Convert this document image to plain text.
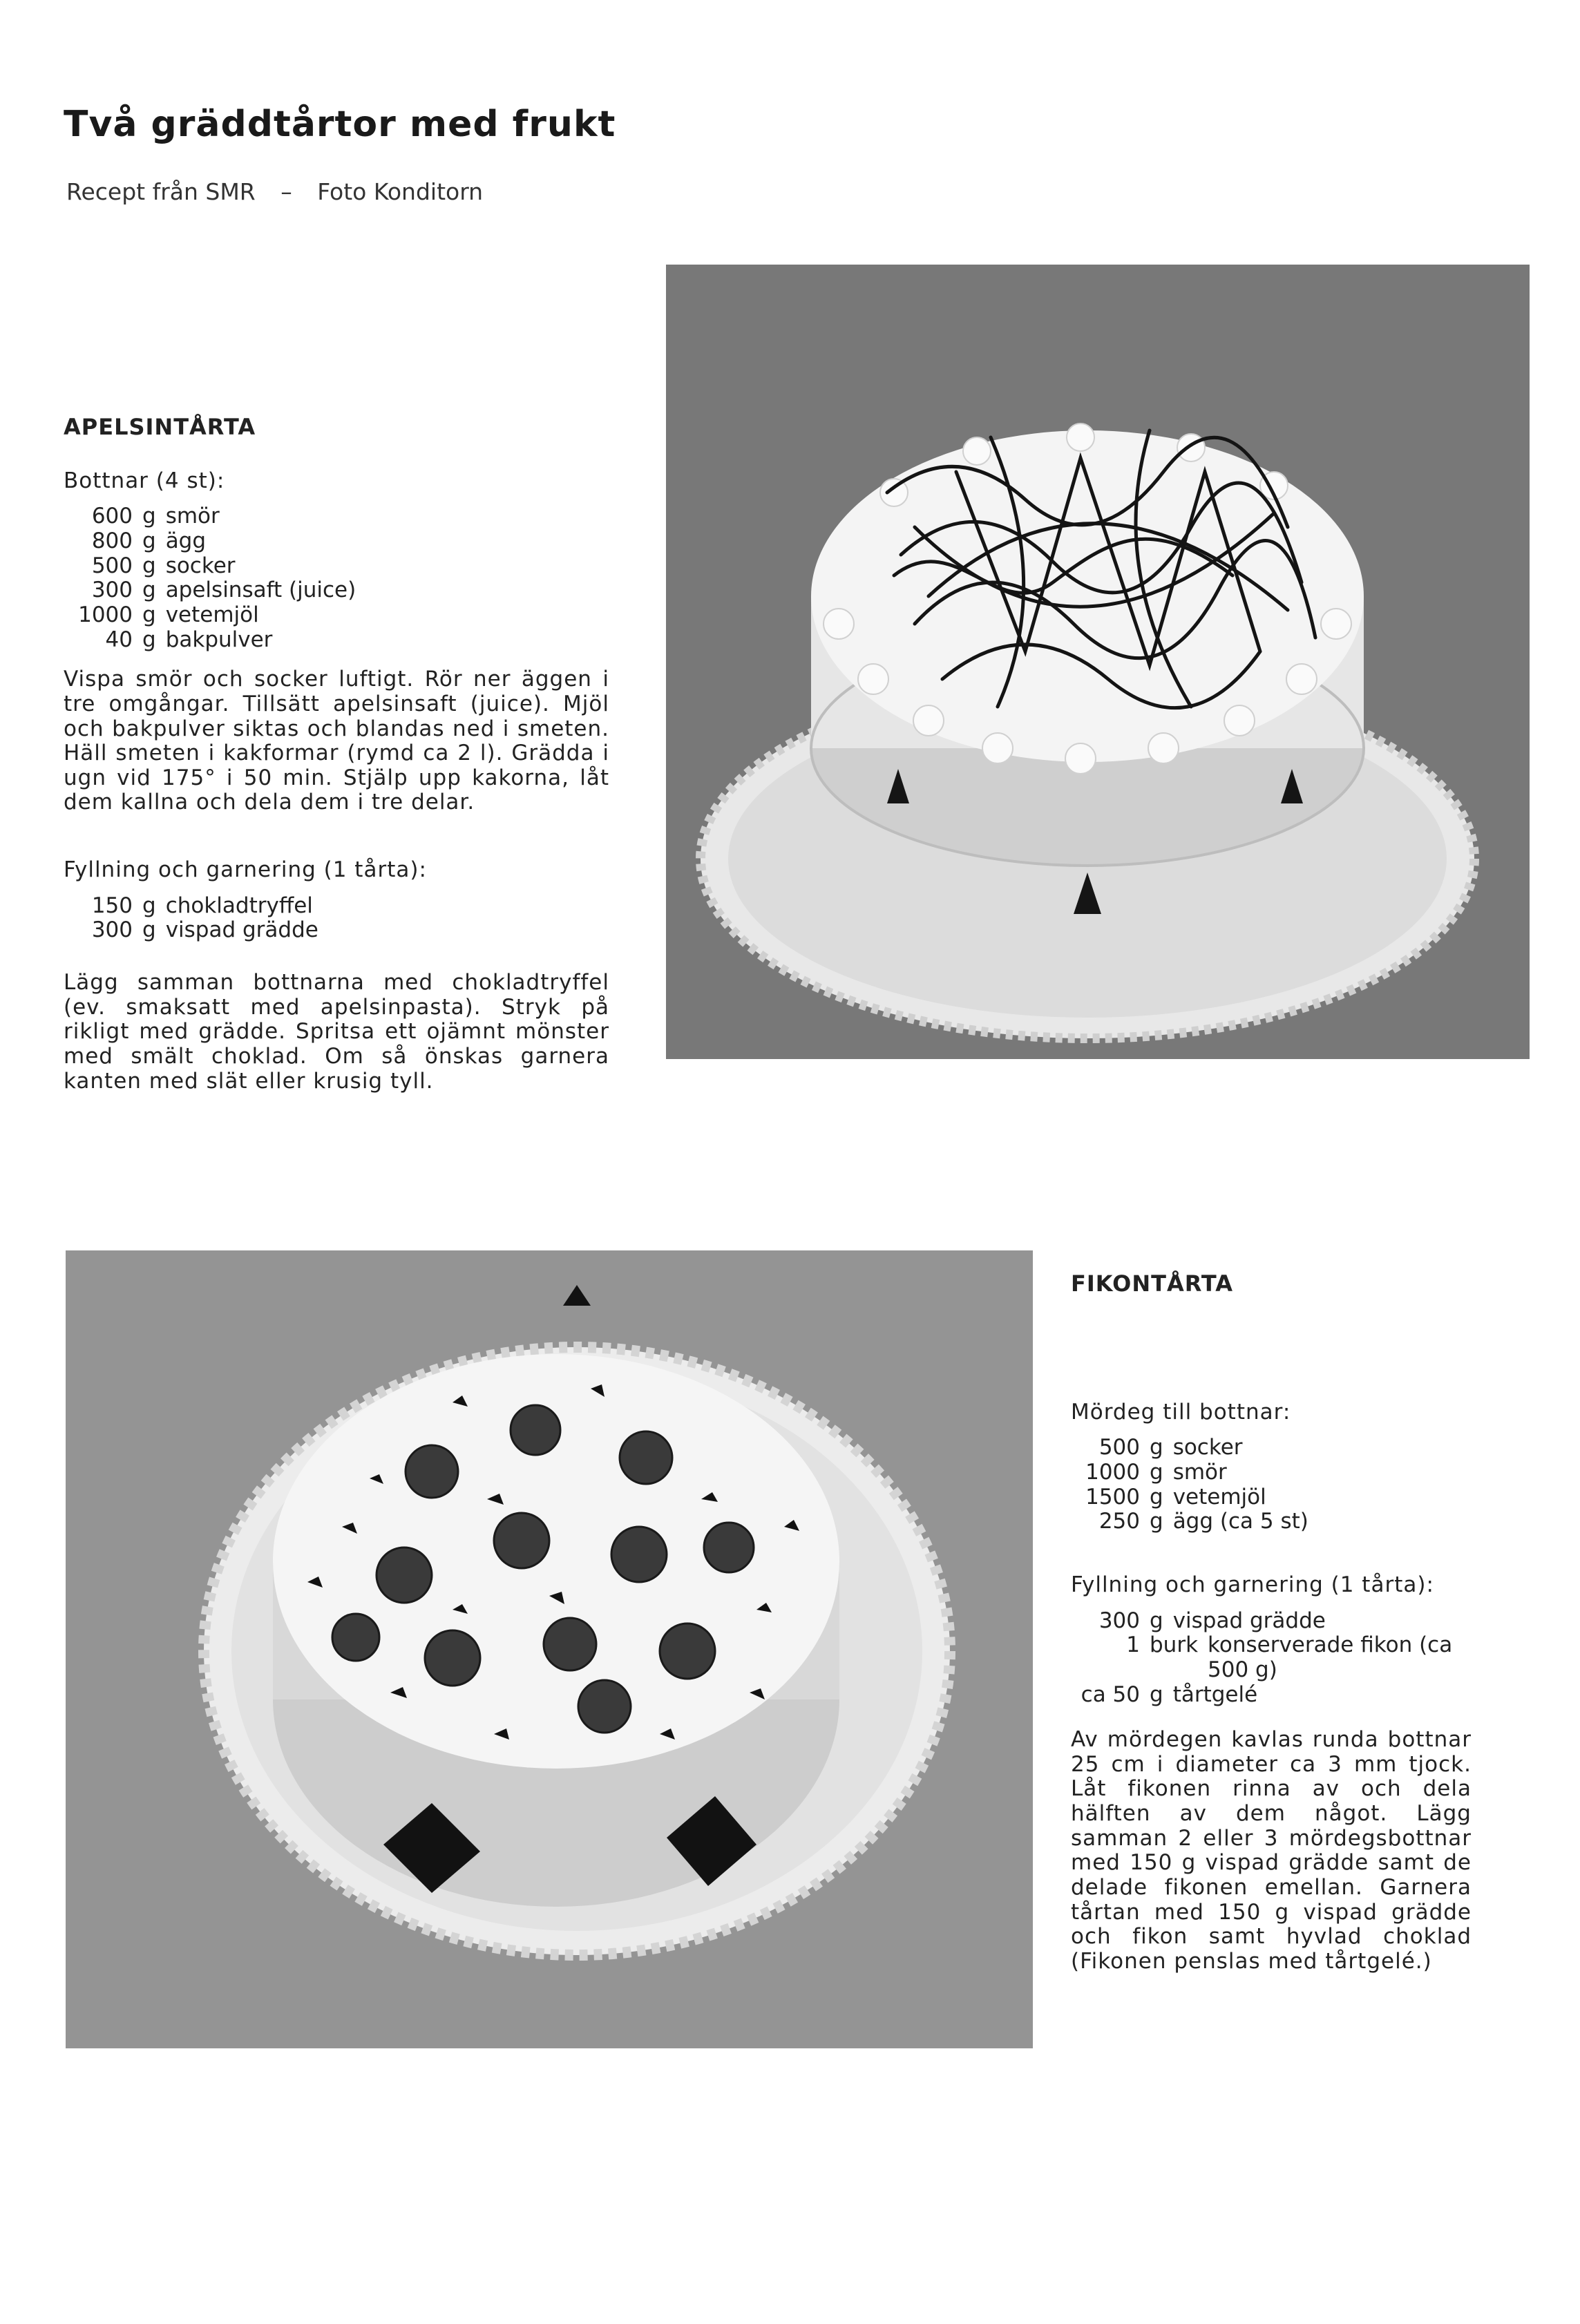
Två gräddtårtor med frukt
Recept från SMR – Foto Konditorn
APELSINTÅRTA
Bottnar (4 st):
600 g smör
800 g ägg
500 g socker
300 g apelsinsaft (juice)
1000 g vetemjöl
40 g bakpulver

Vispa smör och socker luftigt. Rör ner äggen i tre omgångar. Tillsätt apelsinsaft (juice). Mjöl och bakpulver siktas och blandas ned i smeten. Häll smeten i kakformar (rymd ca 2 l). Grädda i ugn vid 175° i 50 min. Stjälp upp kakorna, låt dem kallna och dela dem i tre delar.

Fyllning och garnering (1 tårta):
150 g chokladtryffel
300 g vispad grädde

Lägg samman bottnarna med chokladtryffel (ev. smaksatt med apelsinpasta). Stryk på rikligt med grädde. Spritsa ett ojämnt mönster med smält choklad. Om så önskas garnera kanten med slät eller krusig tyll.

FIKONTÅRTA
Mördeg till bottnar:
500 g socker
1000 g smör
1500 g vetemjöl
250 g ägg (ca 5 st)
Fyllning och garnering (1 tårta):
300 g vispad grädde
1 burk konserverade fikon (ca 500 g)
ca 50 g tårtgelé

Av mördegen kavlas runda bottnar 25 cm i diameter ca 3 mm tjock. Låt fikonen rinna av och dela hälften av dem något. Lägg samman 2 eller 3 mördegsbottnar med 150 g vispad grädde samt de delade fikonen emellan. Garnera tårtan med 150 g vispad grädde och fikon samt hyvlad choklad (Fikonen penslas med tårtgelé.)
